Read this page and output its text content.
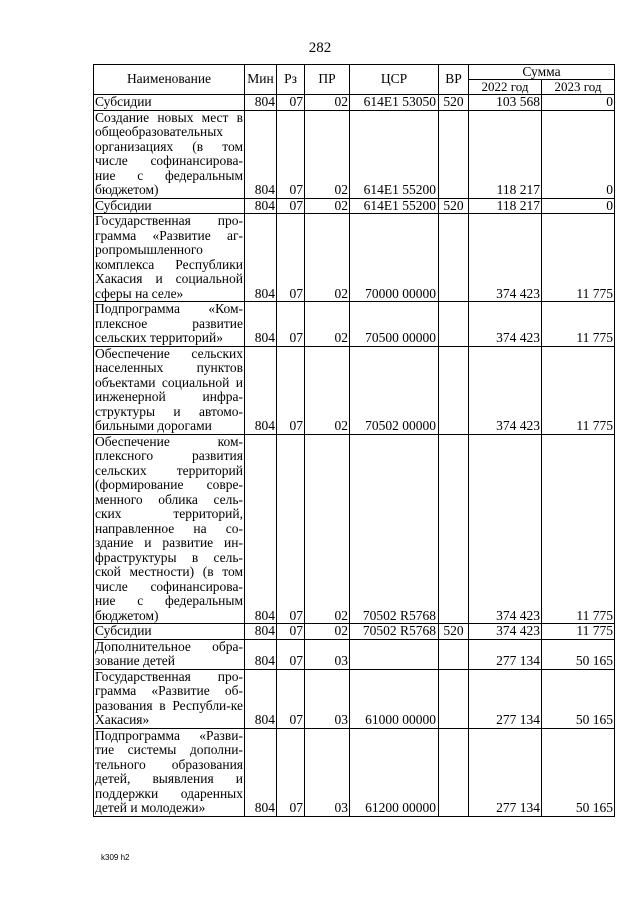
282
Наименование	Мин	Рз	ПР	ЦСР	ВР	Сумма	
						2022 год	2023 год
Субсидии	804	07	02	614E1 53050	520	103 568	0
Создание новых мест в общеобразовательных организациях (в том числе софинансирова-ние с федеральным бюджетом)	804	07	02	614E1 55200		118 217	0
Субсидии	804	07	02	614E1 55200	520	118 217	0
Государственная про-грамма «Развитие аг-ропромышленного комплекса Республики Хакасия и социальной сферы на селе»	804	07	02	70000 00000		374 423	11 775
Подпрограмма «Ком-плексное развитие сельских территорий»	804	07	02	70500 00000		374 423	11 775
Обеспечение сельских населенных пунктов объектами социальной и инженерной инфра-структуры и автомо-бильными дорогами	804	07	02	70502 00000		374 423	11 775
Обеспечение ком-плексного развития сельских территорий (формирование совре-менного облика сель-ских территорий, направленное на со-здание и развитие ин-фраструктуры в сель-ской местности) (в том числе софинансирова-ние с федеральным бюджетом)	804	07	02	70502 R5768		374 423	11 775
Субсидии	804	07	02	70502 R5768	520	374 423	11 775
Дополнительное обра-зование детей	804	07	03			277 134	50 165
Государственная про-грамма «Развитие об-разования в Республи-ке Хакасия»	804	07	03	61000 00000		277 134	50 165
Подпрограмма «Разви-тие системы дополни-тельного образования детей, выявления и поддержки одаренных детей и молодежи»	804	07	03	61200 00000		277 134	50 165
k309 h2
